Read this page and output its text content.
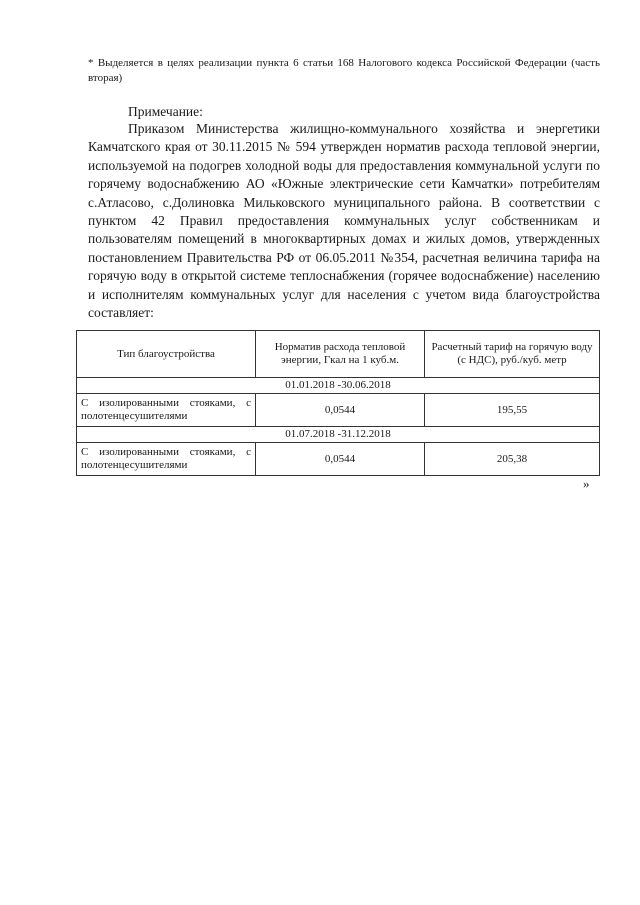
* Выделяется в целях реализации пункта 6 статьи 168 Налогового кодекса Российской Федерации (часть вторая)
Примечание:

Приказом Министерства жилищно-коммунального хозяйства и энергетики Камчатского края от 30.11.2015 № 594 утвержден норматив расхода тепловой энергии, используемой на подогрев холодной воды для предоставления коммунальной услуги по горячему водоснабжению АО «Южные электрические сети Камчатки» потребителям с.Атласово, с.Долиновка Мильковского муниципального района. В соответствии с пунктом 42 Правил предоставления коммунальных услуг собственникам и пользователям помещений в многоквартирных домах и жилых домов, утвержденных постановлением Правительства РФ от 06.05.2011 №354, расчетная величина тарифа на горячую воду в открытой системе теплоснабжения (горячее водоснабжение) населению и исполнителям коммунальных услуг для населения с учетом вида благоустройства составляет:

Тип благоустройства	Норматив расхода тепловой энергии, Гкал на 1 куб.м.	Расчетный тариф на горячую воду (с НДС), руб./куб. метр
01.01.2018 -30.06.2018		
С изолированными стояками, с полотенцесушителями	0,0544	195,55
01.07.2018 -31.12.2018		
С изолированными стояками, с полотенцесушителями	0,0544	205,38
»
